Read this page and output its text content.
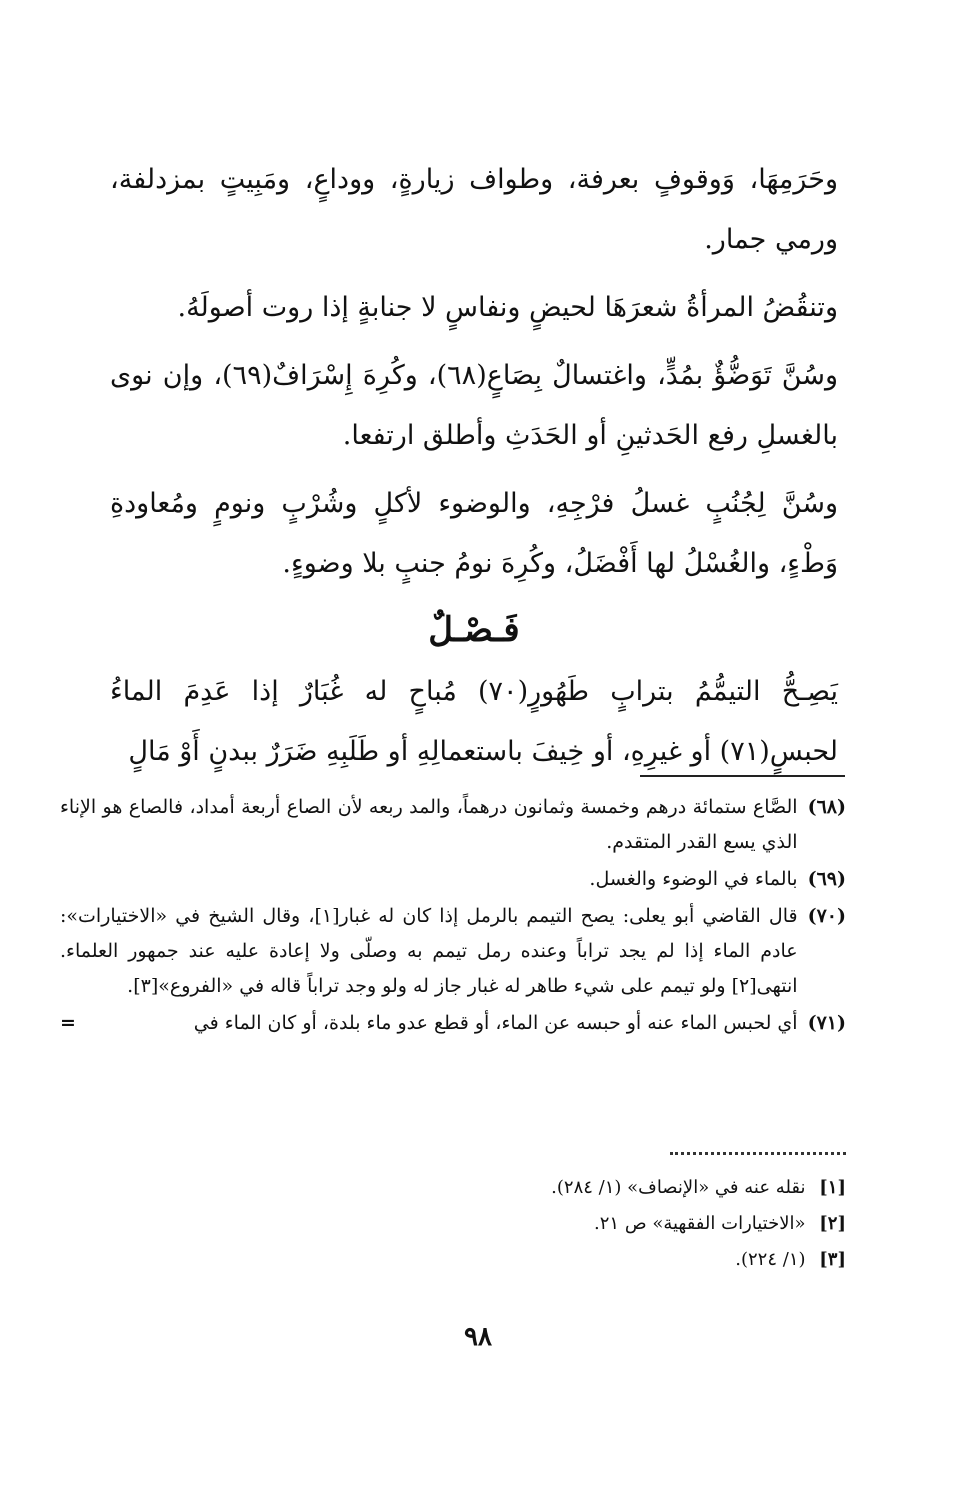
وحَرَمِهَا، وَوقوفٍ بعرفة، وطواف زيارةٍ، ووداعٍ، ومَبِيتٍ بمزدلفة، ورمي جمار.

وتنقُضُ المرأةُ شعرَهَا لحيضٍ ونفاسٍ لا جنابةٍ إذا روت أصولَهُ.

وسُنَّ تَوَضُّؤٌ بمُدٍّ، واغتسالٌ بِصَاعٍ(٦٨)، وكُرِهَ إِسْرَافٌ(٦٩)، وإن نوى بالغسلِ رفع الحَدثينِ أو الحَدَثِ وأطلق ارتفعا.

وسُنَّ لِجُنُبٍ غسلُ فرْجِهِ، والوضوء لأكلٍ وشُرْبٍ ونومٍ ومُعاودةِ وَطْءٍ، والغُسْلُ لها أَفْضَلُ، وكُرِهَ نومُ جنبٍ بلا وضوءٍ.

فَـصْـلٌ

يَصِـحُّ التيمُّمُ بترابٍ طَهُورٍ(٧٠) مُباحٍ له غُبَارٌ إذا عَدِمَ الماءُ لحبسٍ(٧١) أو غيرِهِ، أو خِيفَ باستعمالِهِ أو طَلَبِهِ ضَرَرٌ ببدنٍ أَوْ مَالٍ

(٦٨)
الصَّاع ستمائة درهم وخمسة وثمانون درهماً، والمد ربعه لأن الصاع أربعة أمداد، فالصاع هو الإناء الذي يسع القدر المتقدم.
(٦٩)
بالماء في الوضوء والغسل.
(٧٠)
قال القاضي أبو يعلى: يصح التيمم بالرمل إذا كان له غبار[١]، وقال الشيخ في «الاختيارات»: عادم الماء إذا لم يجد تراباً وعنده رمل تيمم به وصلّى ولا إعادة عليه عند جمهور العلماء. انتهى[٢] ولو تيمم على شيء طاهر له غبار جاز له ولو وجد تراباً قاله في «الفروع»[٣].
(٧١)
أي لحبس الماء عنه أو حبسه عن الماء، أو قطع عدو ماء بلدة، أو كان الماء في
=

[١] نقله عنه في «الإنصاف» (١/ ٢٨٤).

[٢] «الاختيارات الفقهية» ص ٢١.

[٣] (١/ ٢٢٤).

٩٨
